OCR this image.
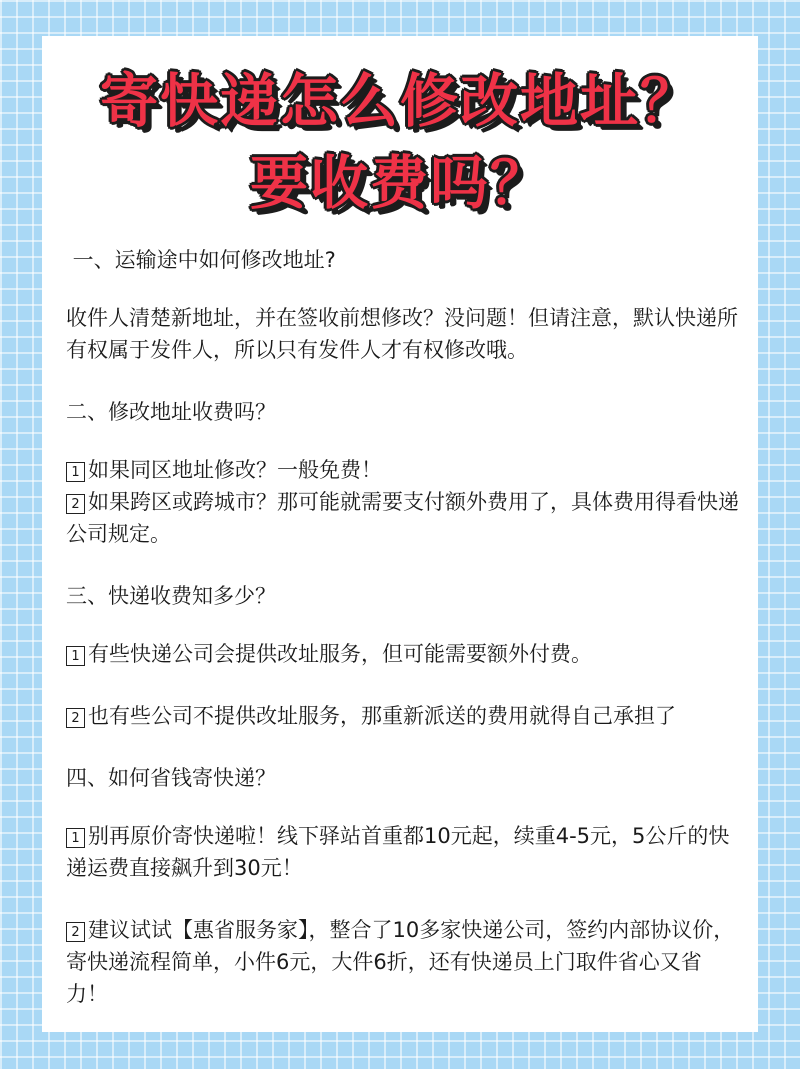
寄快递怎么修改地址？
要收费吗？

一、运输途中如何修改地址?

收件人清楚新地址，并在签收前想修改？没问题！但请注意，默认快递所有权属于发件人，所以只有发件人才有权修改哦。

二、修改地址收费吗？

1 如果同区地址修改？一般免费！

2 如果跨区或跨城市？那可能就需要支付额外费用了，具体费用得看快递公司规定。

三、快递收费知多少？

1 有些快递公司会提供改址服务，但可能需要额外付费。

2 也有些公司不提供改址服务，那重新派送的费用就得自己承担了

四、如何省钱寄快递？

1 别再原价寄快递啦！线下驿站首重都10元起，续重4-5元，5公斤的快递运费直接飙升到30元！

2 建议试试【惠省服务家】，整合了10多家快递公司，签约内部协议价，寄快递流程简单，小件6元，大件6折，还有快递员上门取件省心又省力！
